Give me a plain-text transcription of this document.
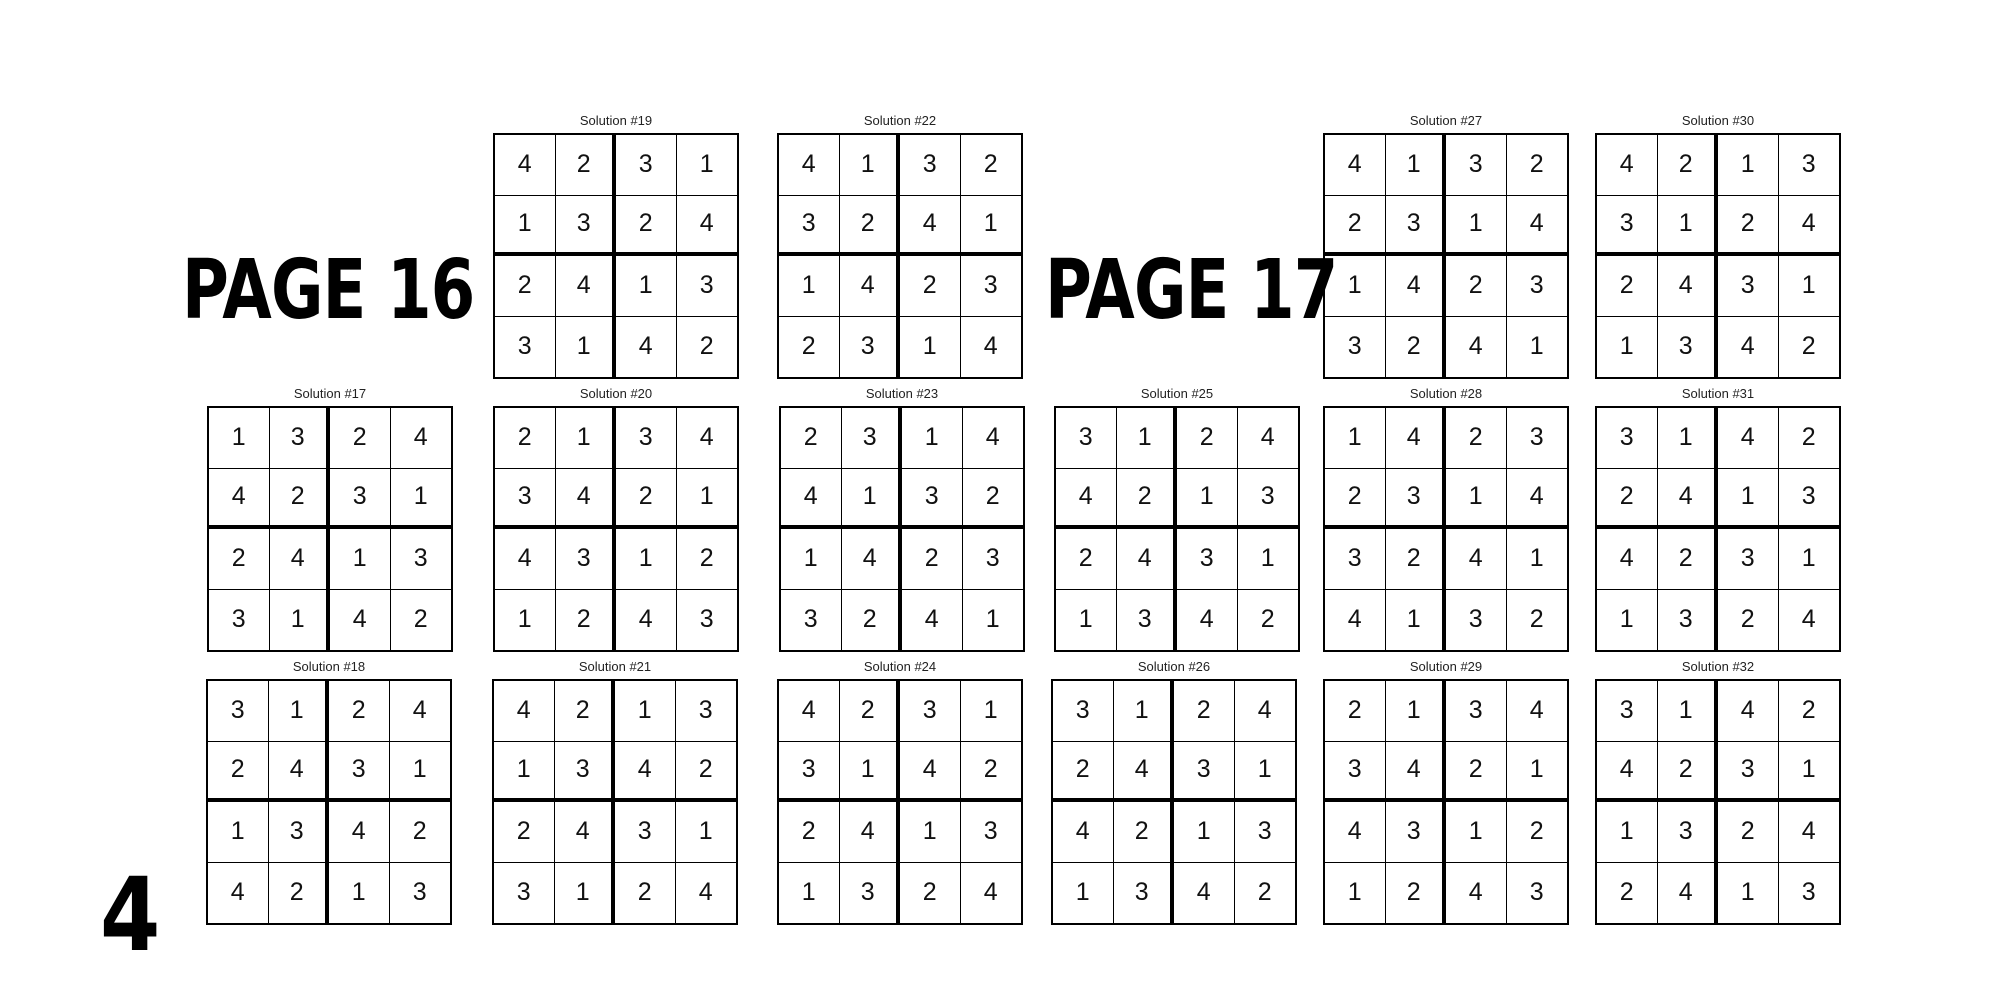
PAGE 16	PAGE 17
4
Solution #17
1	3	2	4
4	2	3	1
2	4	1	3
3	1	4	2
Solution #18
3	1	2	4
2	4	3	1
1	3	4	2
4	2	1	3
Solution #19
4	2	3	1
1	3	2	4
2	4	1	3
3	1	4	2
Solution #20
2	1	3	4
3	4	2	1
4	3	1	2
1	2	4	3
Solution #21
4	2	1	3
1	3	4	2
2	4	3	1
3	1	2	4
Solution #22
4	1	3	2
3	2	4	1
1	4	2	3
2	3	1	4
Solution #23
2	3	1	4
4	1	3	2
1	4	2	3
3	2	4	1
Solution #24
4	2	3	1
3	1	4	2
2	4	1	3
1	3	2	4
Solution #25
3	1	2	4
4	2	1	3
2	4	3	1
1	3	4	2
Solution #26
3	1	2	4
2	4	3	1
4	2	1	3
1	3	4	2
Solution #27
4	1	3	2
2	3	1	4
1	4	2	3
3	2	4	1
Solution #28
1	4	2	3
2	3	1	4
3	2	4	1
4	1	3	2
Solution #29
2	1	3	4
3	4	2	1
4	3	1	2
1	2	4	3
Solution #30
4	2	1	3
3	1	2	4
2	4	3	1
1	3	4	2
Solution #31
3	1	4	2
2	4	1	3
4	2	3	1
1	3	2	4
Solution #32
3	1	4	2
4	2	3	1
1	3	2	4
2	4	1	3
